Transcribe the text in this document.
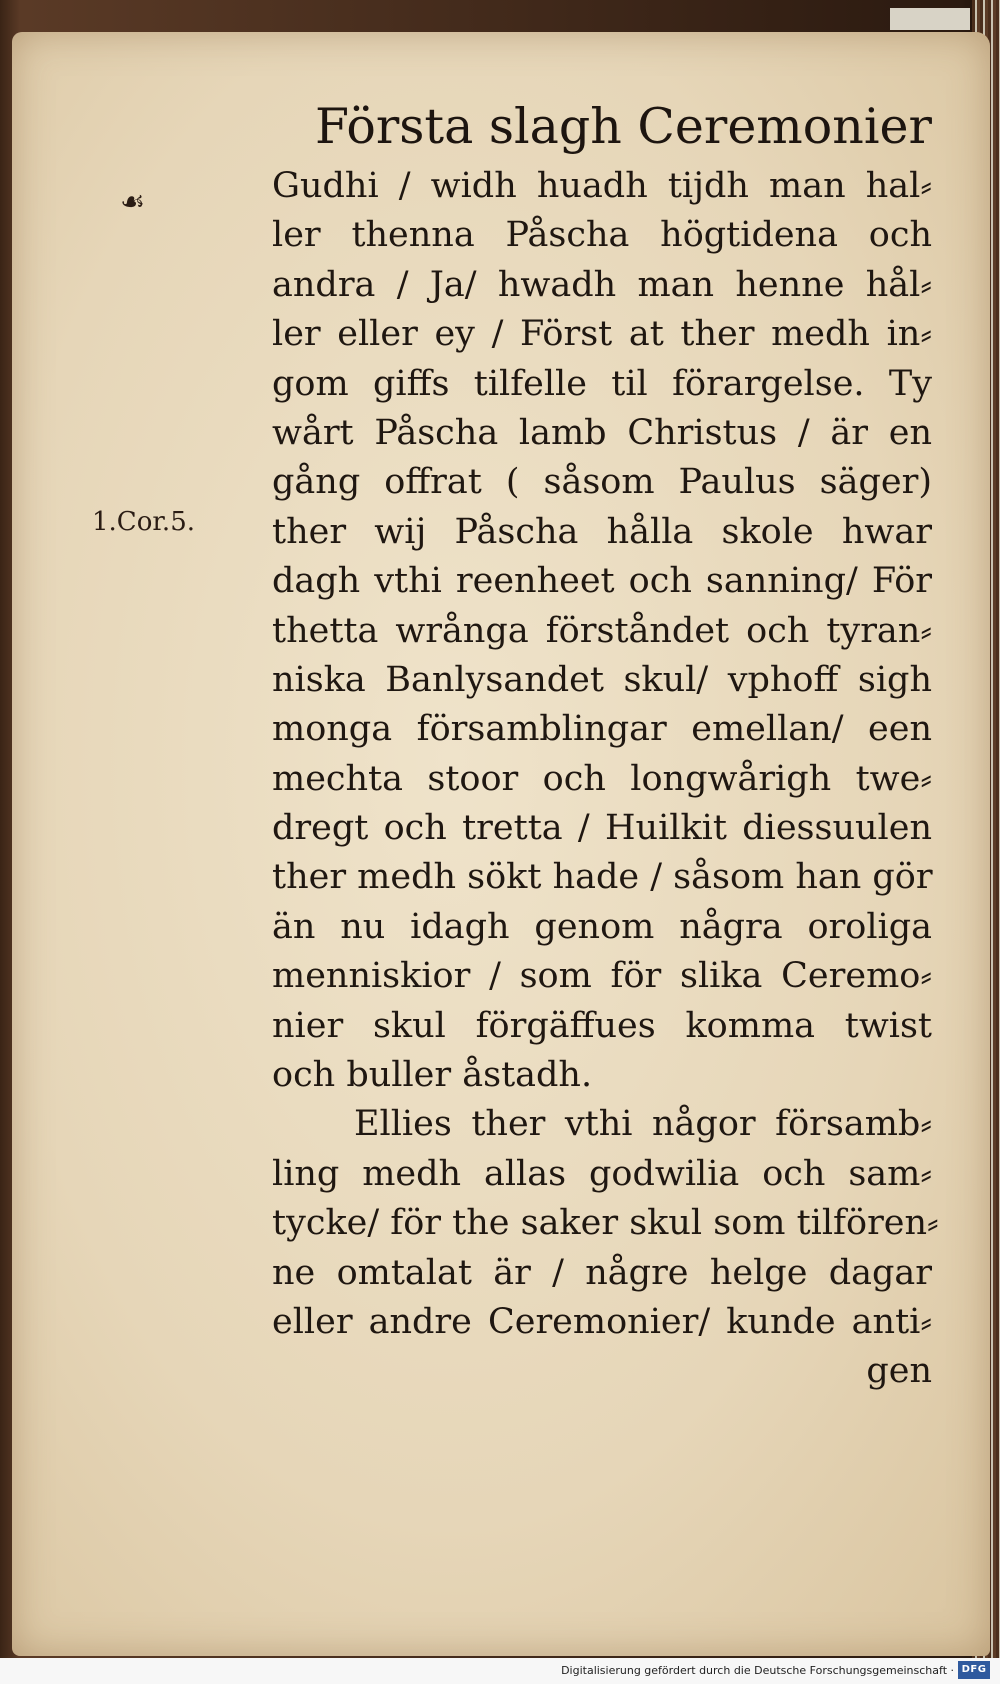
Första slagh Ceremonier
☙
1.Cor.5.
Gudhi / widh huadh tijdh man hal⸗
ler thenna Påscha högtidena och
andra / Ja/ hwadh man henne hål⸗
ler eller ey / Först at ther medh in⸗
gom giffs tilfelle til förargelse. Ty
wårt Påscha lamb Christus / är en
gång offrat ( såsom Paulus säger)
ther wij Påscha hålla skole hwar
dagh vthi reenheet och sanning/ För
thetta wrånga förståndet och tyran⸗
niska Banlysandet skul/ vphoff sigh
monga församblingar emellan/ een
mechta stoor och longwårigh twe⸗
dregt och tretta / Huilkit diessuulen
ther medh sökt hade / såsom han gör
än nu idagh genom några oroliga
menniskior / som för slika Ceremo⸗
nier skul förgäffues komma twist
och buller åstadh.
Ellies ther vthi någor församb⸗
ling medh allas godwilia och sam⸗
tycke/ för the saker skul som tilfören⸗
ne omtalat är / någre helge dagar
eller andre Ceremonier/ kunde anti⸗
gen
Digitalisierung gefördert durch die Deutsche Forschungsgemeinschaft · DFG
